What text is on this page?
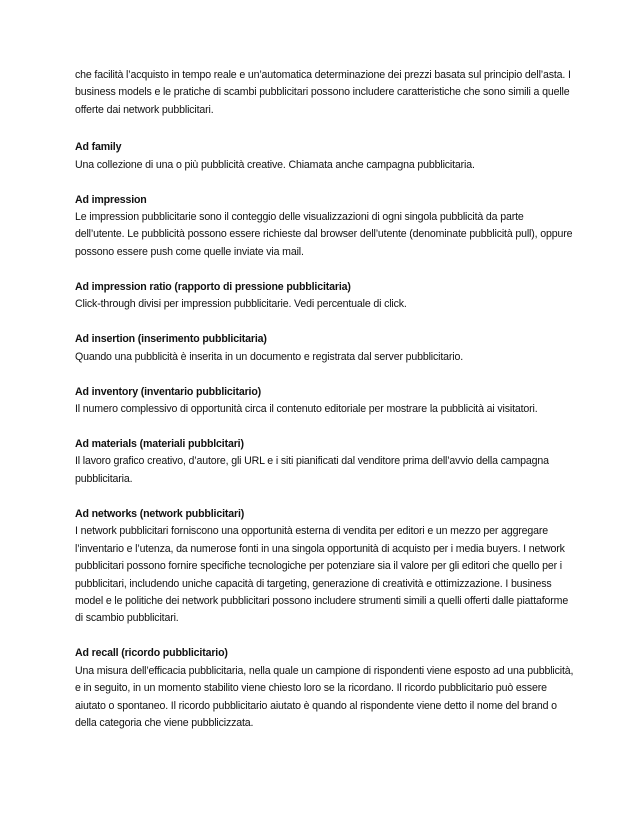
che facilità l’acquisto in tempo reale e un’automatica determinazione dei prezzi basata sul principio dell’asta. I business models e le pratiche di scambi pubblicitari possono includere caratteristiche che sono simili a quelle offerte dai network pubblicitari.

Ad family

Una collezione di una o più pubblicità creative. Chiamata anche campagna pubblicitaria.

Ad impression

Le impression pubblicitarie sono il conteggio delle visualizzazioni di ogni singola pubblicità da parte dell’utente. Le pubblicità possono essere richieste dal browser dell’utente (denominate pubblicità pull), oppure possono essere push come quelle inviate via mail.

Ad impression ratio (rapporto di pressione pubblicitaria)

Click-through divisi per impression pubblicitarie. Vedi percentuale di click.

Ad insertion (inserimento pubblicitaria)

Quando una pubblicità è inserita in un documento e registrata dal server pubblicitario.

Ad inventory (inventario pubblicitario)

Il numero complessivo di opportunità circa il contenuto editoriale per mostrare la pubblicità ai visitatori.

Ad materials (materiali pubblcitari)

Il lavoro grafico creativo, d’autore, gli URL e i siti pianificati dal venditore prima dell’avvio della campagna pubblicitaria.

Ad networks (network pubblicitari)

I network pubblicitari forniscono una opportunità esterna di vendita per editori e un mezzo per aggregare l’inventario e l’utenza, da numerose fonti in una singola opportunità di acquisto per i media buyers. I network pubblicitari possono fornire specifiche tecnologiche per potenziare sia il valore per gli editori che quello per i pubblicitari, includendo uniche capacità di targeting, generazione di creatività e ottimizzazione. I business model e le politiche dei network pubblicitari possono includere strumenti simili a quelli offerti dalle piattaforme di scambio pubblicitari.

Ad recall (ricordo pubblicitario)

Una misura dell’efficacia pubblicitaria, nella quale un campione di rispondenti viene esposto ad una pubblicità, e in seguito, in un momento stabilito viene chiesto loro se la ricordano. Il ricordo pubblicitario può essere aiutato o spontaneo. Il ricordo pubblicitario aiutato è quando al rispondente viene detto il nome del brand o della categoria che viene pubblicizzata.
